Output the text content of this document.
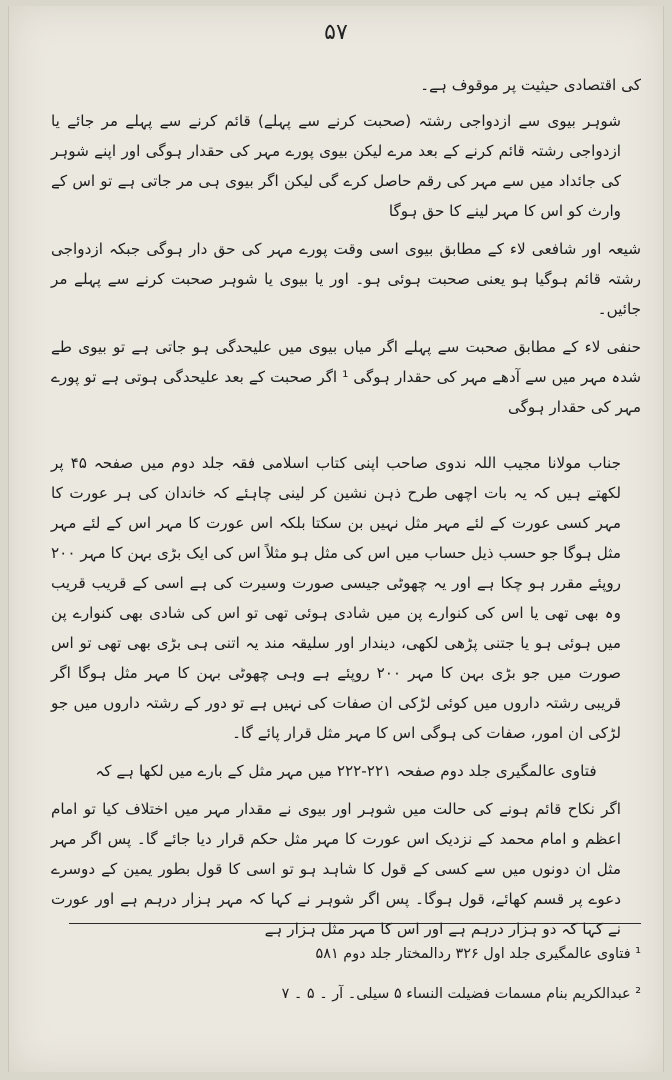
۵۷

کی اقتصادی حیثیت پر موقوف ہے۔

شوہر بیوی سے ازدواجی رشتہ (صحبت کرنے سے پہلے) قائم کرنے سے پہلے مر جائے یا ازدواجی رشتہ قائم کرنے کے بعد مرے لیکن بیوی پورے مہر کی حقدار ہوگی اور اپنے شوہر کی جائداد میں سے مہر کی رقم حاصل کرے گی لیکن اگر بیوی ہی مر جاتی ہے تو اس کے وارث کو اس کا مہر لینے کا حق ہوگا

شیعہ اور شافعی لاء کے مطابق بیوی اسی وقت پورے مہر کی حق دار ہوگی جبکہ ازدواجی رشتہ قائم ہوگیا ہو یعنی صحبت ہوئی ہو۔ اور یا بیوی یا شوہر صحبت کرنے سے پہلے مر جائیں۔

حنفی لاء کے مطابق صحبت سے پہلے اگر میاں بیوی میں علیحدگی ہو جاتی ہے تو بیوی طے شدہ مہر میں سے آدھے مہر کی حقدار ہوگی ¹ اگر صحبت کے بعد علیحدگی ہوتی ہے تو پورے مہر کی حقدار ہوگی

جناب مولانا مجیب اللہ ندوی صاحب اپنی کتاب اسلامی فقہ جلد دوم میں صفحہ ۴۵ پر لکھتے ہیں کہ یہ بات اچھی طرح ذہن نشین کر لینی چاہئے کہ خاندان کی ہر عورت کا مہر کسی عورت کے لئے مہر مثل نہیں بن سکتا بلکہ اس عورت کا مہر اس کے لئے مہر مثل ہوگا جو حسب ذیل حساب میں اس کی مثل ہو مثلاً اس کی ایک بڑی بہن کا مہر ۲۰۰ روپئے مقرر ہو چکا ہے اور یہ چھوٹی جیسی صورت وسیرت کی ہے اسی کے قریب قریب وہ بھی تھی یا اس کی کنوارے پن میں شادی ہوئی تھی تو اس کی شادی بھی کنوارے پن میں ہوئی ہو یا جتنی پڑھی لکھی، دیندار اور سلیقہ مند یہ اتنی ہی بڑی بھی تھی تو اس صورت میں جو بڑی بہن کا مہر ۲۰۰ روپئے ہے وہی چھوٹی بہن کا مہر مثل ہوگا اگر قریبی رشتہ داروں میں کوئی لڑکی ان صفات کی نہیں ہے تو دور کے رشتہ داروں میں جو لڑکی ان امور، صفات کی ہوگی اس کا مہر مثل قرار پائے گا۔

فتاوی عالمگیری جلد دوم صفحہ ۲۲۱-۲۲۲ میں مہر مثل کے بارے میں لکھا ہے کہ

اگر نکاح قائم ہونے کی حالت میں شوہر اور بیوی نے مقدار مہر میں اختلاف کیا تو امام اعظم و امام محمد کے نزدیک اس عورت کا مہر مثل حکم قرار دیا جائے گا۔ پس اگر مہر مثل ان دونوں میں سے کسی کے قول کا شاہد ہو تو اسی کا قول بطور یمین کے دوسرے دعوے پر قسم کھائے، قول ہوگا۔ پس اگر شوہر نے کہا کہ مہر ہزار درہم ہے اور عورت نے کہا کہ دو ہزار درہم ہے اور اس کا مہر مثل ہزار ہے

¹ فتاوی عالمگیری جلد اول ۳۲۶ ردالمختار جلد دوم ۵۸۱

² عبدالکریم بنام مسمات فضیلت النساء ۵ سیلی۔ آر ۔ ۵ ۔ ۷
